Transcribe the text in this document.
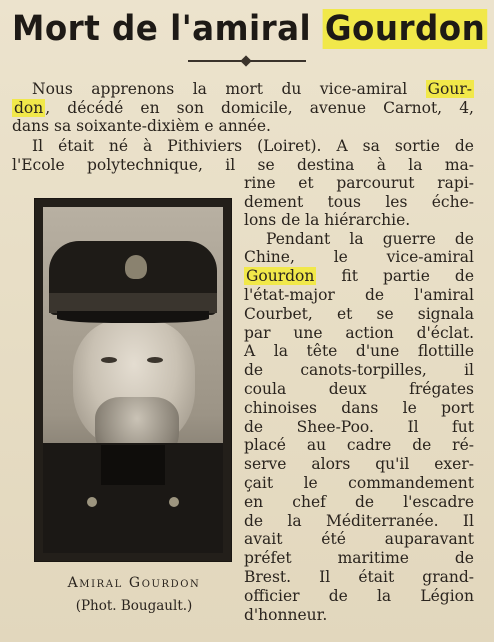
Mort de l'amiral Gourdon
Nous apprenons la mort du vice-amiral Gour-
don , décédé en son domicile, avenue Carnot, 4,
dans sa soixante-dixièm e année.
Il était né à Pithiviers (Loiret). A sa sortie de
l'Ecole polytechnique, il se destina à la ma-
rine et parcourut rapi-
dement tous les éche-
lons de la hiérarchie.
Pendant la guerre de
Chine, le vice-amiral
Gourdon fit partie de
l'état-major de l'amiral
Courbet, et se signala
par une action d'éclat.
A la tête d'une flottille
de canots-torpilles, il
coula deux frégates
chinoises dans le port
de Shee-Poo. Il fut
placé au cadre de ré-
serve alors qu'il exer-
çait le commandement
en chef de l'escadre
de la Méditerranée. Il
avait été auparavant
préfet maritime de
Brest. Il était grand-
officier de la Légion
d'honneur.
Amiral Gourdon
(Phot. Bougault.)
